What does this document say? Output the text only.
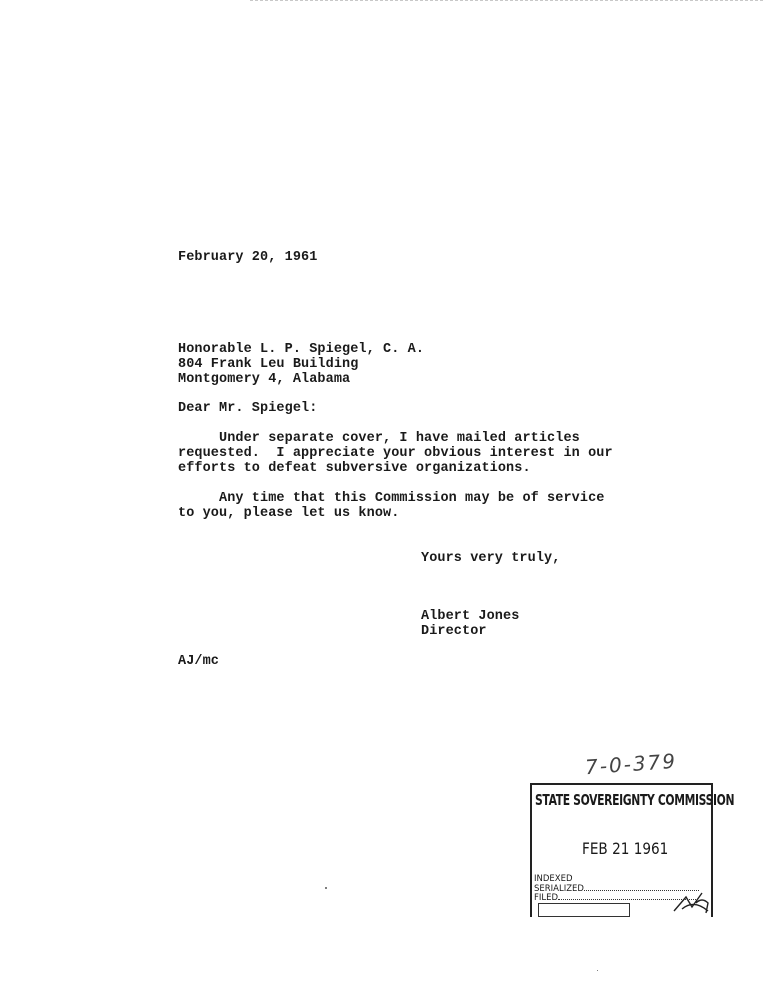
February 20, 1961
Honorable L. P. Spiegel, C. A.
804 Frank Leu Building
Montgomery 4, Alabama
Dear Mr. Spiegel:
Under separate cover, I have mailed articles
requested.  I appreciate your obvious interest in our
efforts to defeat subversive organizations.
Any time that this Commission may be of service
to you, please let us know.
Yours very truly,
Albert Jones
Director
AJ/mc
7-0-379
STATE SOVEREIGNTY COMMISSION
FEB 21 1961
INDEXED
SERIALIZED
FILED
